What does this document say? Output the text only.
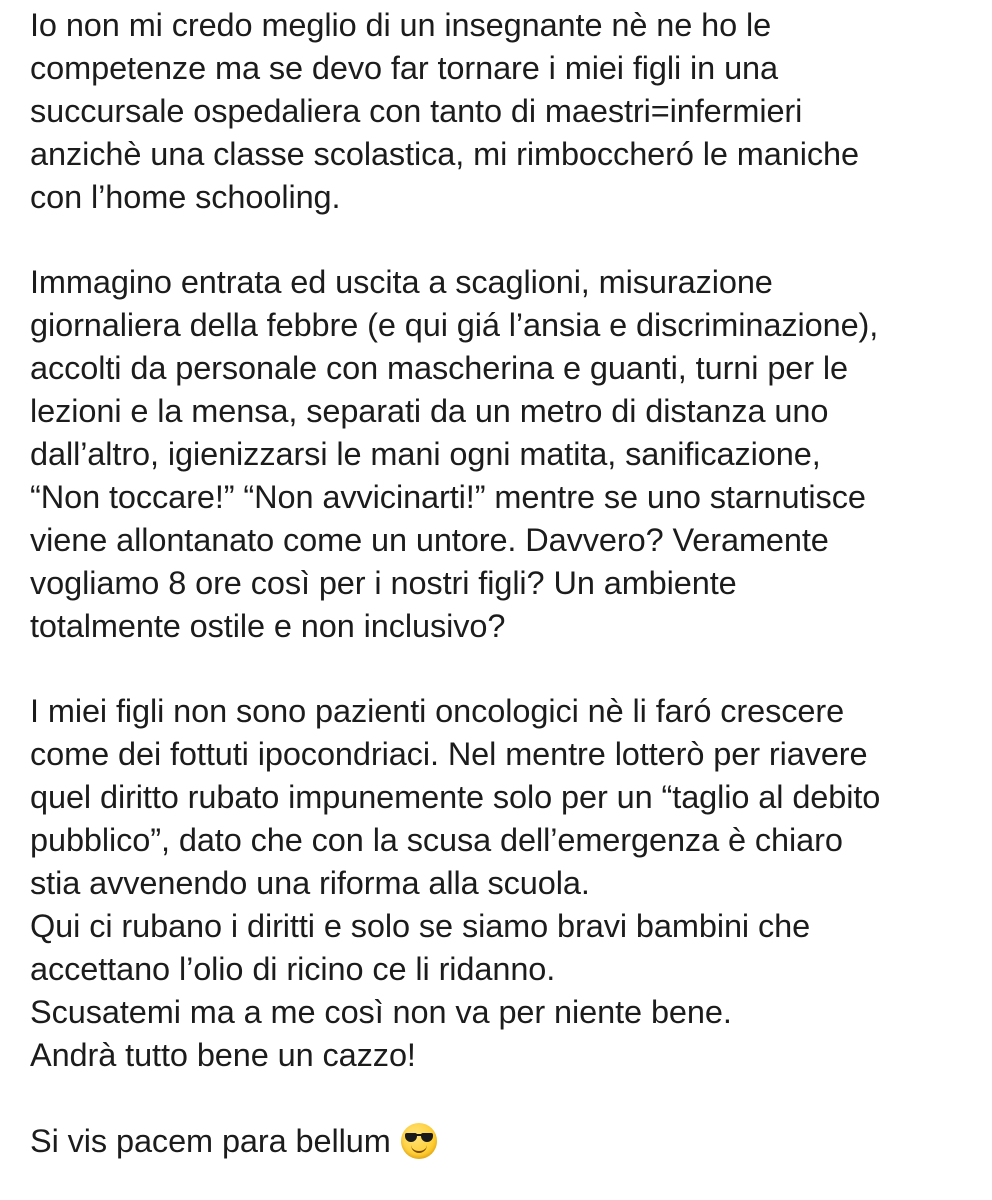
Io non mi credo meglio di un insegnante nè ne ho le
competenze ma se devo far tornare i miei figli in una
succursale ospedaliera con tanto di maestri=infermieri
anzichè una classe scolastica, mi rimboccheró le maniche
con l’home schooling.
Immagino entrata ed uscita a scaglioni, misurazione
giornaliera della febbre (e qui giá l’ansia e discriminazione),
accolti da personale con mascherina e guanti, turni per le
lezioni e la mensa, separati da un metro di distanza uno
dall’altro, igienizzarsi le mani ogni matita, sanificazione,
“Non toccare!” “Non avvicinarti!” mentre se uno starnutisce
viene allontanato come un untore. Davvero? Veramente
vogliamo 8 ore così per i nostri figli? Un ambiente
totalmente ostile e non inclusivo?
I miei figli non sono pazienti oncologici nè li faró crescere
come dei fottuti ipocondriaci. Nel mentre lotterò per riavere
quel diritto rubato impunemente solo per un “taglio al debito
pubblico”, dato che con la scusa dell’emergenza è chiaro
stia avvenendo una riforma alla scuola.
Qui ci rubano i diritti e solo se siamo bravi bambini che
accettano l’olio di ricino ce li ridanno.
Scusatemi ma a me così non va per niente bene.
Andrà tutto bene un cazzo!
Si vis pacem para bellum
